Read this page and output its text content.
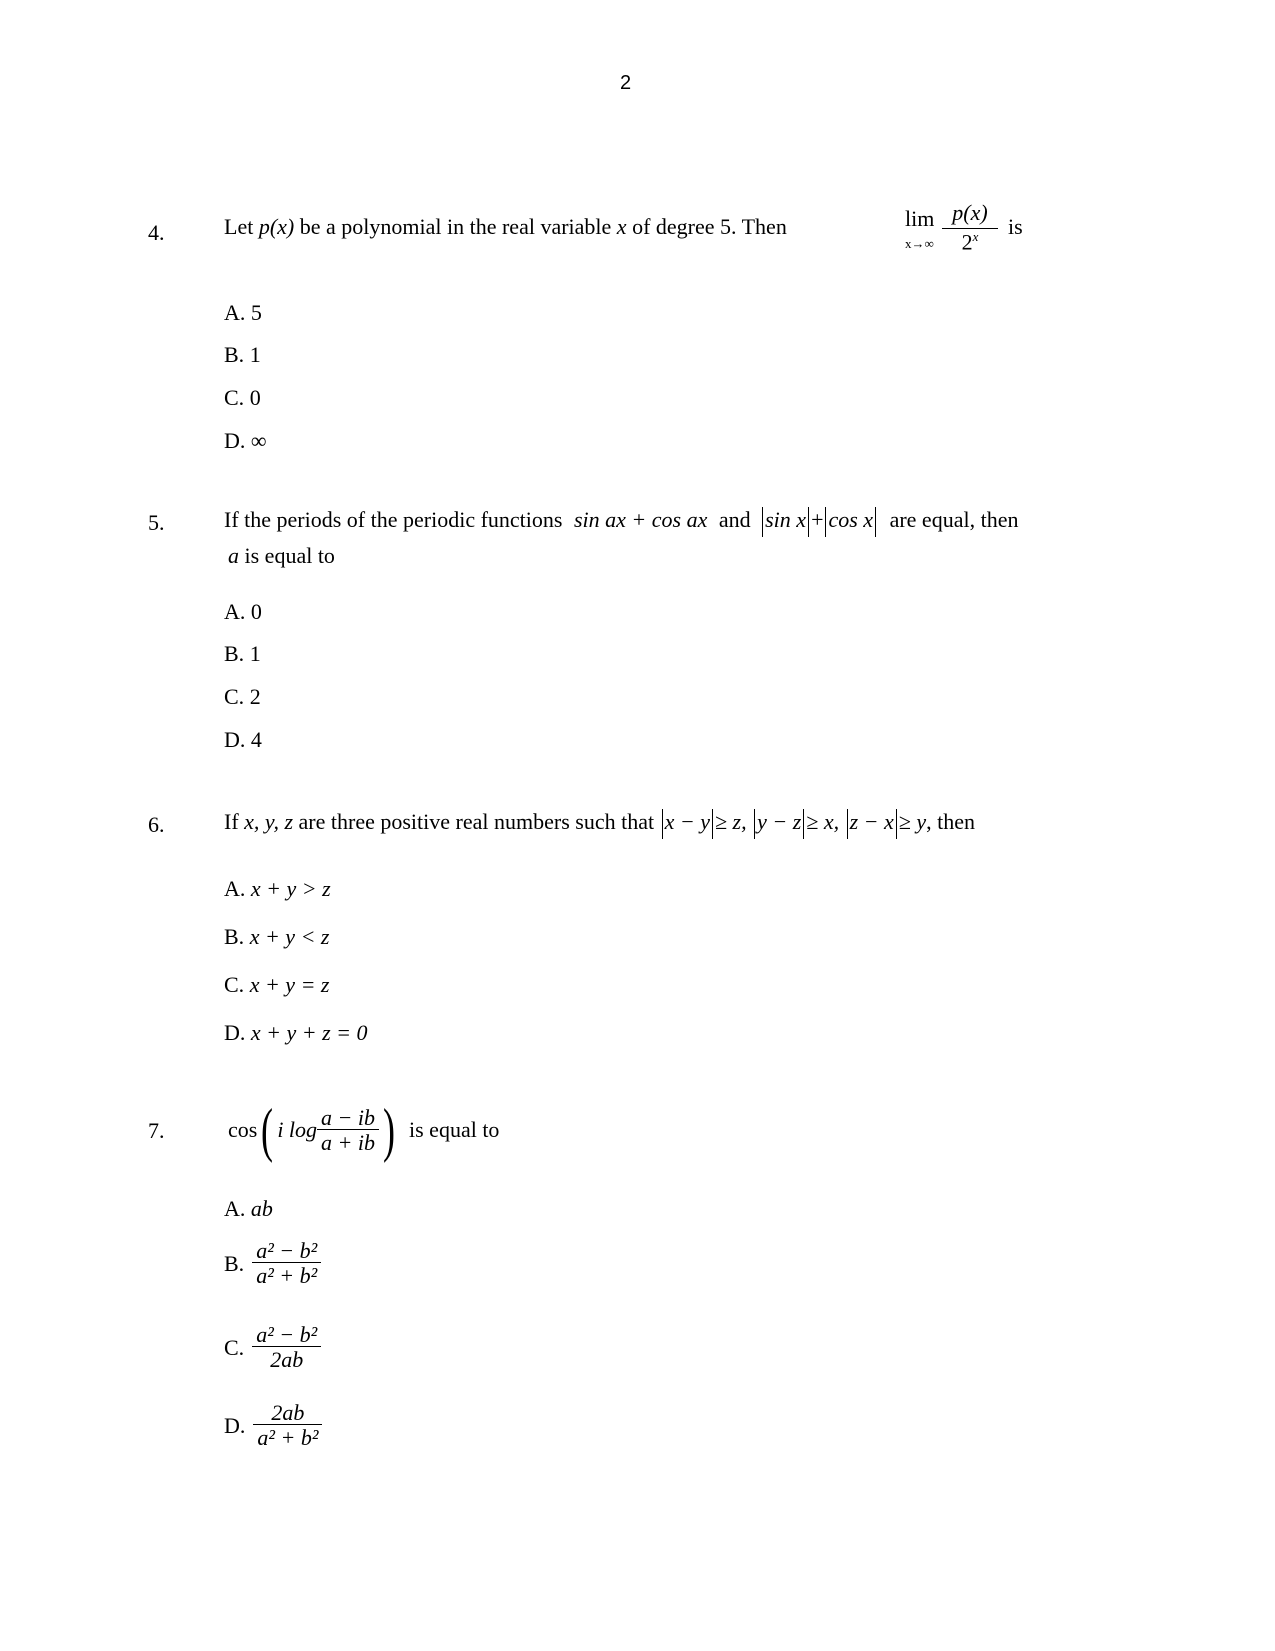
2
4.	Let p(x) be a polynomial in the real variable x of degree 5. Then	lim
$x\to\infty \frac{p(x)}{2^x}$ is
A. 5
B. 1
C. 0
D. ∞
5.	If the periods of the periodic functions sin ax + cos ax and sin x + cos x are equal, then
a is equal to
A. 0
B. 1
C. 2
D. 4
6.	If x, y, z are three positive real numbers such that x − y ≥ z, y − z ≥ x, z − x ≥ y, then
A. x + y > z
B. x + y < z
C. x + y = z
D. x + y + z = 0
7.	cos ( i $\log \frac{a - ib}{a + ib}$ ) is equal to
A. ab
B. $\frac{\text{a² − b²}}{\text{a² + b²}}$
C. $\frac{\text{a² − b²}}{2ab}$
D. $\frac{2ab}{\text{a² + b²}}$
